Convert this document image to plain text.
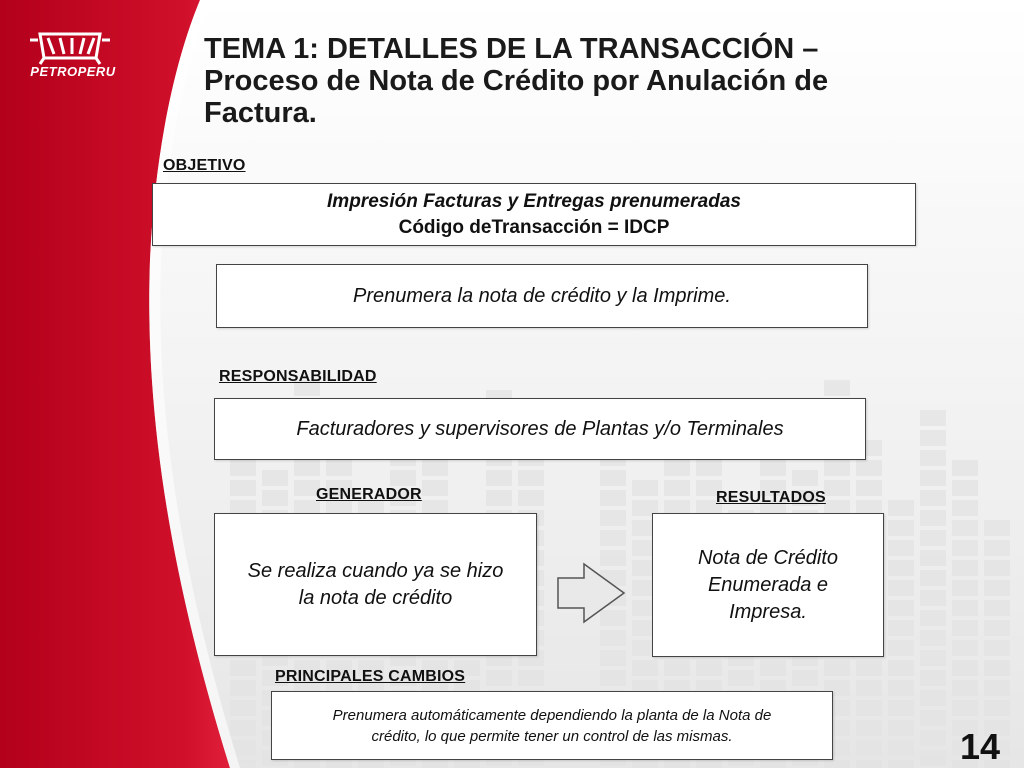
PETROPERU
TEMA 1: DETALLES DE LA TRANSACCIÓN – Proceso de Nota de Crédito por Anulación de Factura.
OBJETIVO
Impresión Facturas y Entregas prenumeradas
Código deTransacción = IDCP
Prenumera la nota de crédito y la Imprime.
RESPONSABILIDAD
Facturadores y supervisores de Plantas y/o Terminales
GENERADOR
Se realiza cuando ya se hizo
la nota de crédito
RESULTADOS
Nota de Crédito
Enumerada e
Impresa.
PRINCIPALES CAMBIOS
Prenumera automáticamente dependiendo la planta de la Nota de
crédito, lo que permite tener un control de las mismas.	14
